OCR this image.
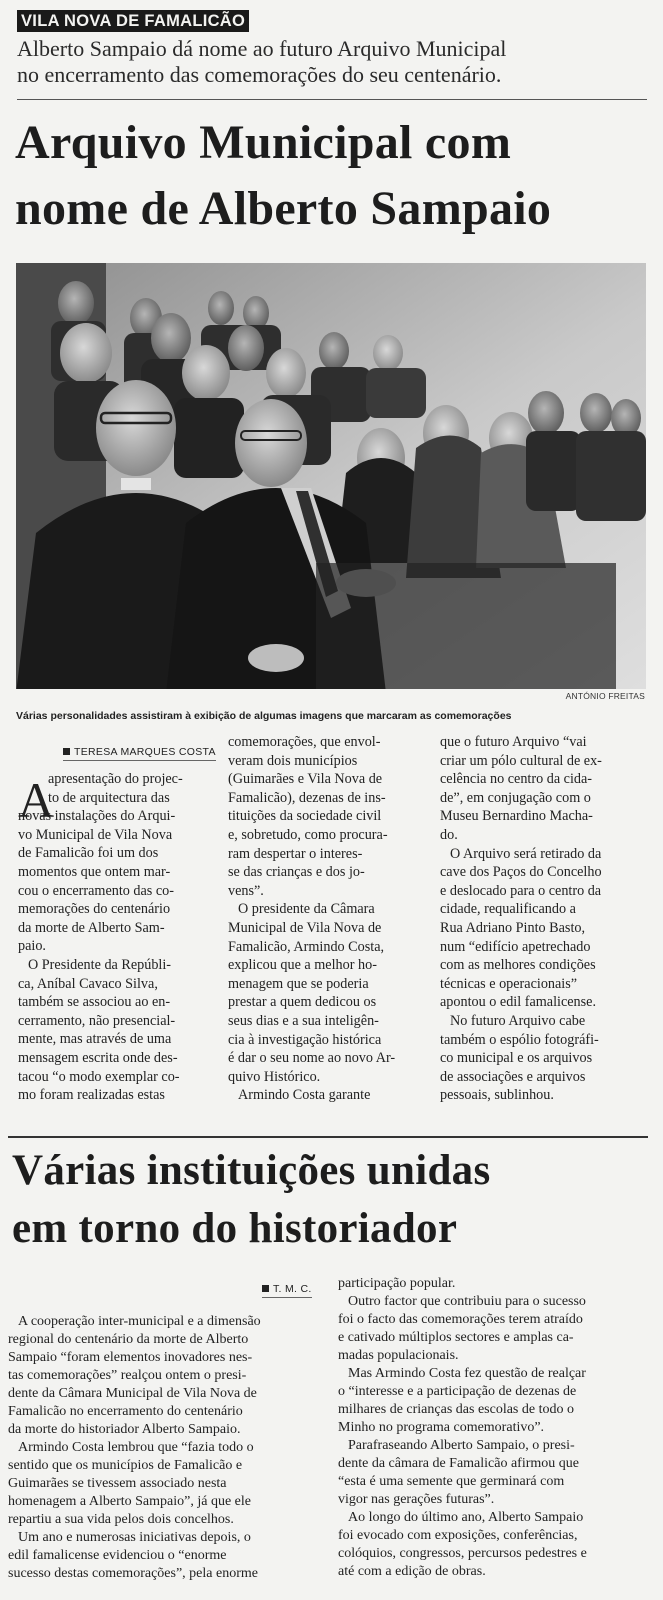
VILA NOVA DE FAMALICÃO
Alberto Sampaio dá nome ao futuro Arquivo Municipal
no encerramento das comemorações do seu centenário.
Arquivo Municipal com
nome de Alberto Sampaio
ANTÓNIO FREITAS
Várias personalidades assistiram à exibição de algumas imagens que marcaram as comemorações
TERESA MARQUES COSTA
A
apresentação do projec-
to de arquitectura das
novas instalações do Arqui-
vo Municipal de Vila Nova
de Famalicão foi um dos
momentos que ontem mar-
cou o encerramento das co-
memorações do centenário
da morte de Alberto Sam-
paio.
O Presidente da Repúbli-
ca, Aníbal Cavaco Silva,
também se associou ao en-
cerramento, não presencial-
mente, mas através de uma
mensagem escrita onde des-
tacou “o modo exemplar co-
mo foram realizadas estas
comemorações, que envol-
veram dois municípios
(Guimarães e Vila Nova de
Famalicão), dezenas de ins-
tituições da sociedade civil
e, sobretudo, como procura-
ram despertar o interes-
se das crianças e dos jo-
vens”.
O presidente da Câmara
Municipal de Vila Nova de
Famalicão, Armindo Costa,
explicou que a melhor ho-
menagem que se poderia
prestar a quem dedicou os
seus dias e a sua inteligên-
cia à investigação histórica
é dar o seu nome ao novo Ar-
quivo Histórico.
Armindo Costa garante
que o futuro Arquivo “vai
criar um pólo cultural de ex-
celência no centro da cida-
de”, em conjugação com o
Museu Bernardino Macha-
do.
O Arquivo será retirado da
cave dos Paços do Concelho
e deslocado para o centro da
cidade, requalificando a
Rua Adriano Pinto Basto,
num “edifício apetrechado
com as melhores condições
técnicas e operacionais”
apontou o edil famalicense.
No futuro Arquivo cabe
também o espólio fotográfi-
co municipal e os arquivos
de associações e arquivos
pessoais, sublinhou.
Várias instituições unidas
em torno do historiador
T. M. C.
A cooperação inter-municipal e a dimensão
regional do centenário da morte de Alberto
Sampaio “foram elementos inovadores nes-
tas comemorações” realçou ontem o presi-
dente da Câmara Municipal de Vila Nova de
Famalicão no encerramento do centenário
da morte do historiador Alberto Sampaio.
Armindo Costa lembrou que “fazia todo o
sentido que os municípios de Famalicão e
Guimarães se tivessem associado nesta
homenagem a Alberto Sampaio”, já que ele
repartiu a sua vida pelos dois concelhos.
Um ano e numerosas iniciativas depois, o
edil famalicense evidenciou o “enorme
sucesso destas comemorações”, pela enorme
participação popular.
Outro factor que contribuiu para o sucesso
foi o facto das comemorações terem atraído
e cativado múltiplos sectores e amplas ca-
madas populacionais.
Mas Armindo Costa fez questão de realçar
o “interesse e a participação de dezenas de
milhares de crianças das escolas de todo o
Minho no programa comemorativo”.
Parafraseando Alberto Sampaio, o presi-
dente da câmara de Famalicão afirmou que
“esta é uma semente que germinará com
vigor nas gerações futuras”.
Ao longo do último ano, Alberto Sampaio
foi evocado com exposições, conferências,
colóquios, congressos, percursos pedestres e
até com a edição de obras.
